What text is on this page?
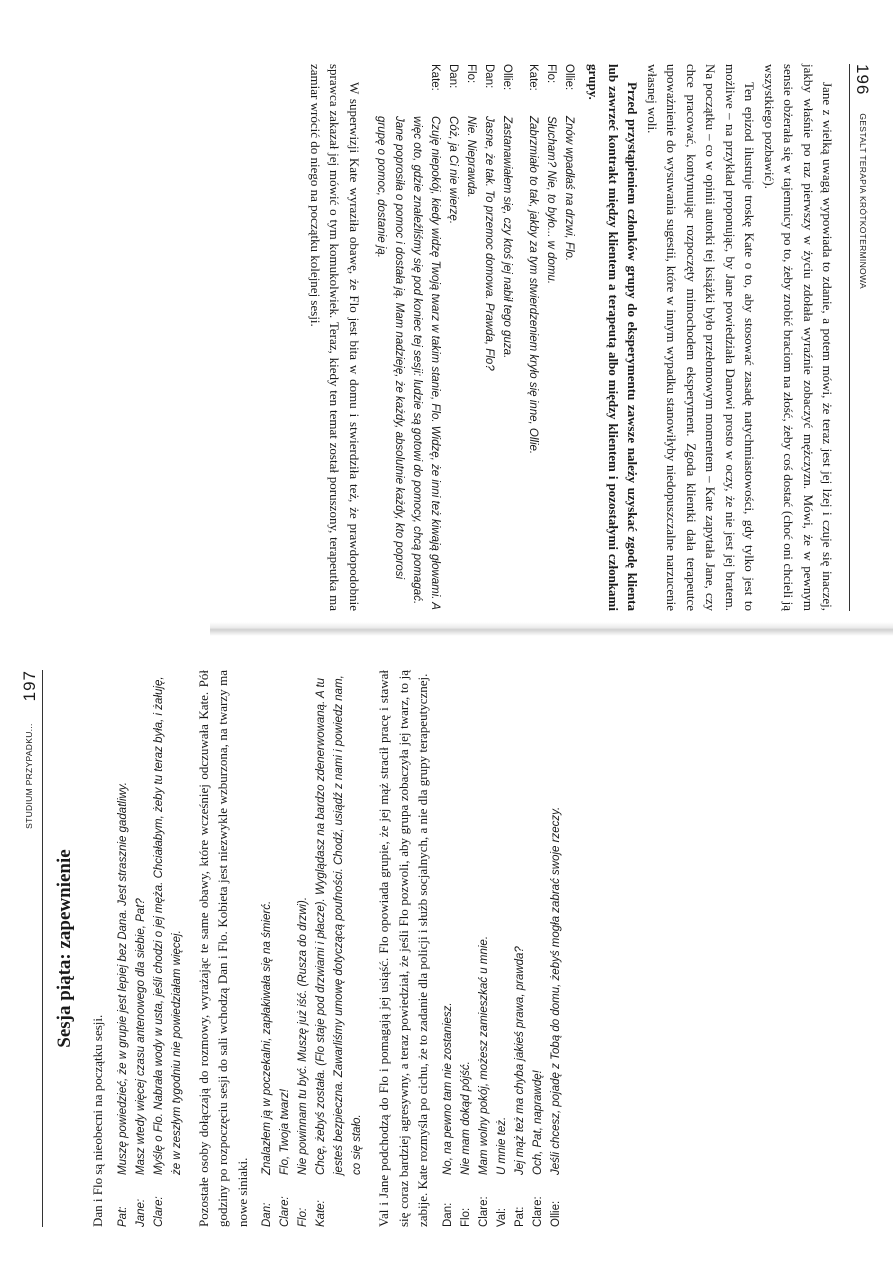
196
GESTALT TERAPIA KRÓTKOTERMINOWA

Jane z wielką uwagą wypowiada to zdanie, a potem mówi, że teraz jest jej lżej i czuje się inaczej, jakby właśnie po raz pierwszy w życiu zdołała wyraźnie zobaczyć mężczyzn. Mówi, że w pewnym sensie obżerała się w tajemnicy po to, żeby zrobić braciom na złość, żeby coś dostać (choć oni chcieli ją wszystkiego pozbawić).

Ten epizod ilustruje troskę Kate o to, aby stosować zasadę natychmiastowości, gdy tylko jest to możliwe – na przykład proponując, by Jane powiedziała Danowi prosto w oczy, że nie jest jej bratem. Na początku – co w opinii autorki tej książki było przełomowym momentem – Kate zapytała Jane, czy chce pracować, kontynuując rozpoczęty mimochodem eksperyment. Zgoda klientki dała terapeutce upoważnienie do wysuwania sugestii, które w innym wypadku stanowiłyby niedopuszczalne narzucenie własnej woli.

Przed przystąpieniem członków grupy do eksperymentu zawsze należy uzyskać zgodę klienta lub zawrzeć kontrakt między klientem a terapeutą albo między klientem i pozostałymi członkami grupy.

Ollie:
Znów wpadłaś na drzwi, Flo.
Flo:
Słucham? Nie, to było... w domu.
Kate:
Zabrzmiało to tak, jakby za tym stwierdzeniem kryło się inne, Ollie.
Ollie:
Zastanawiałem się, czy ktoś jej nabił tego guza.
Dan:
Jasne, że tak. To przemoc domowa. Prawda, Flo?
Flo:
Nie. Nieprawda.
Dan:
Cóż, ja Ci nie wierzę.
Kate:
Czuję niepokój, kiedy widzę Twoją twarz w takim stanie, Flo. Widzę, że inni też kiwają głowami. A więc oto, gdzie znaleźliśmy się pod koniec tej sesji: ludzie są gotowi do pomocy, chcą pomagać. Jane poprosiła o pomoc i dostała ją. Mam nadzieję, że każdy, absolutnie każdy, kto poprosi grupę o pomoc, dostanie ją.

W superwizji Kate wyraziła obawę, że Flo jest bita w domu i stwierdziła też, że prawdopodobnie sprawca zakazał jej mówić o tym komukolwiek. Teraz, kiedy ten temat został poruszony, terapeutka ma zamiar wrócić do niego na początku kolejnej sesji.

STUDIUM PRZYPADKU...
197
Sesja piąta: zapewnienie

Dan i Flo są nieobecni na początku sesji. Pat:
Muszę powiedzieć, że w grupie jest lepiej bez Dana. Jest strasznie gadatliwy.
Jane:
Masz wtedy więcej czasu antenowego dla siebie, Pat?
Clare:
Myślę o Flo. Nabrała wody w usta, jeśli chodzi o jej męża. Chciałabym, żeby tu teraz była, i żałuję, że w zeszłym tygodniu nie powiedziałam więcej. Pozostałe osoby dołączają do rozmowy, wyrażając te same obawy, które wcześniej odczuwała Kate. Pół godziny po rozpoczęciu sesji do sali wchodzą Dan i Flo. Kobieta jest niezwykle wzburzona, na twarzy ma nowe siniaki. Dan:
Znalazłem ją w poczekalni, zapłakiwała się na śmierć.
Clare:
Flo, Twoja twarz!
Flo:
Nie powinnam tu być. Muszę już iść. (Rusza do drzwi).
Kate:
Chcę, żebyś została. (Flo staje pod drzwiami i płacze). Wyglądasz na bardzo zdenerwowaną. A tu jesteś bezpieczna. Zawarliśmy umowę dotyczącą poufności. Chodź, usiądź z nami i powiedz nam, co się stało. Val i Jane podchodzą do Flo i pomagają jej usiąść. Flo opowiada grupie, że jej mąż stracił pracę i stawał się coraz bardziej agresywny, a teraz powiedział, że jeśli Flo pozwoli, aby grupa zobaczyła jej twarz, to ją zabije. Kate rozmyśla po cichu, że to zadanie dla policji i służb socjalnych, a nie dla grupy terapeutycznej. Dan:
No, na pewno tam nie zostaniesz.
Flo:
Nie mam dokąd pójść.
Clare:
Mam wolny pokój, możesz zamieszkać u mnie.
Val:
U mnie też.
Pat:
Jej mąż też ma chyba jakieś prawa, prawda?
Clare:
Och, Pat, naprawdę!
Ollie:
Jeśli chcesz, pojadę z Tobą do domu, żebyś mogła zabrać swoje rzeczy.
